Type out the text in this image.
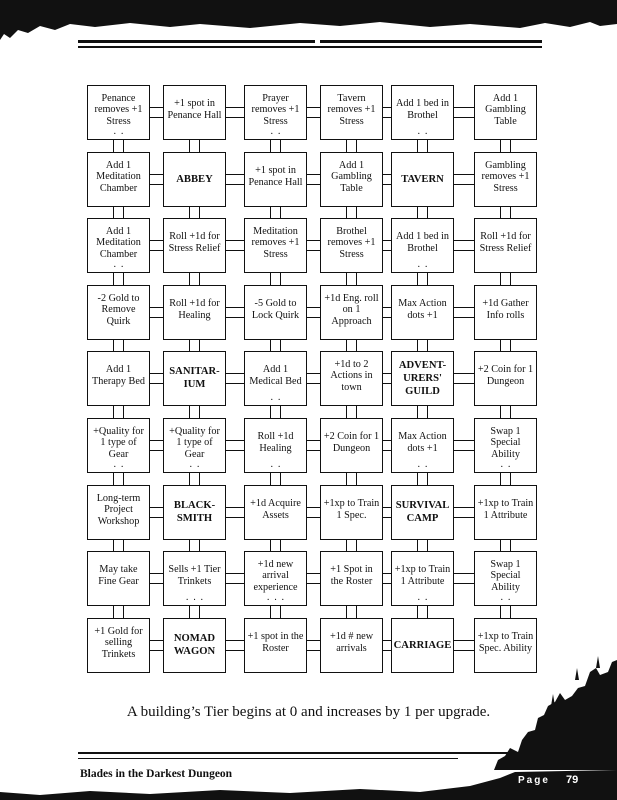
Penance removes +1 Stress
··
+1 spot in Penance Hall
Prayer removes +1 Stress
··
Tavern removes +1 Stress
Add 1 bed in Brothel
··
Add 1 Gambling Table
Add 1 Meditation Chamber
ABBEY
+1 spot in Penance Hall
Add 1 Gambling Table
TAVERN
Gambling removes +1 Stress
Add 1 Meditation Chamber
··
Roll +1d for Stress Relief
Meditation removes +1 Stress
Brothel removes +1 Stress
Add 1 bed in Brothel
··
Roll +1d for Stress Relief
-2 Gold to Remove Quirk
Roll +1d for Healing
-5 Gold to Lock Quirk
+1d Eng. roll on 1 Approach
Max Action dots +1
+1d Gather Info rolls
Add 1 Therapy Bed
SANITAR-IUM
Add 1 Medical Bed
··
+1d to 2 Actions in town
ADVENT-URERS' GUILD
+2 Coin for 1 Dungeon
+Quality for 1 type of Gear
··
+Quality for 1 type of Gear
··
Roll +1d Healing
··
+2 Coin for 1 Dungeon
Max Action dots +1
··
Swap 1 Special Ability
··
Long-term Project Workshop
BLACK-SMITH
+1d Acquire Assets
+1xp to Train 1 Spec.
SURVIVAL CAMP
+1xp to Train 1 Attribute
May take Fine Gear
Sells +1 Tier Trinkets
···
+1d new arrival experience
···
+1 Spot in the Roster
+1xp to Train 1 Attribute
··
Swap 1 Special Ability
··
+1 Gold for selling Trinkets
NOMAD WAGON
+1 spot in the Roster
+1d # new arrivals	CARRIAGE
+1xp to Train Spec. Ability
A building’s Tier begins at 0 and increases by 1 per upgrade.
Blades in the Darkest Dungeon
Page 79
